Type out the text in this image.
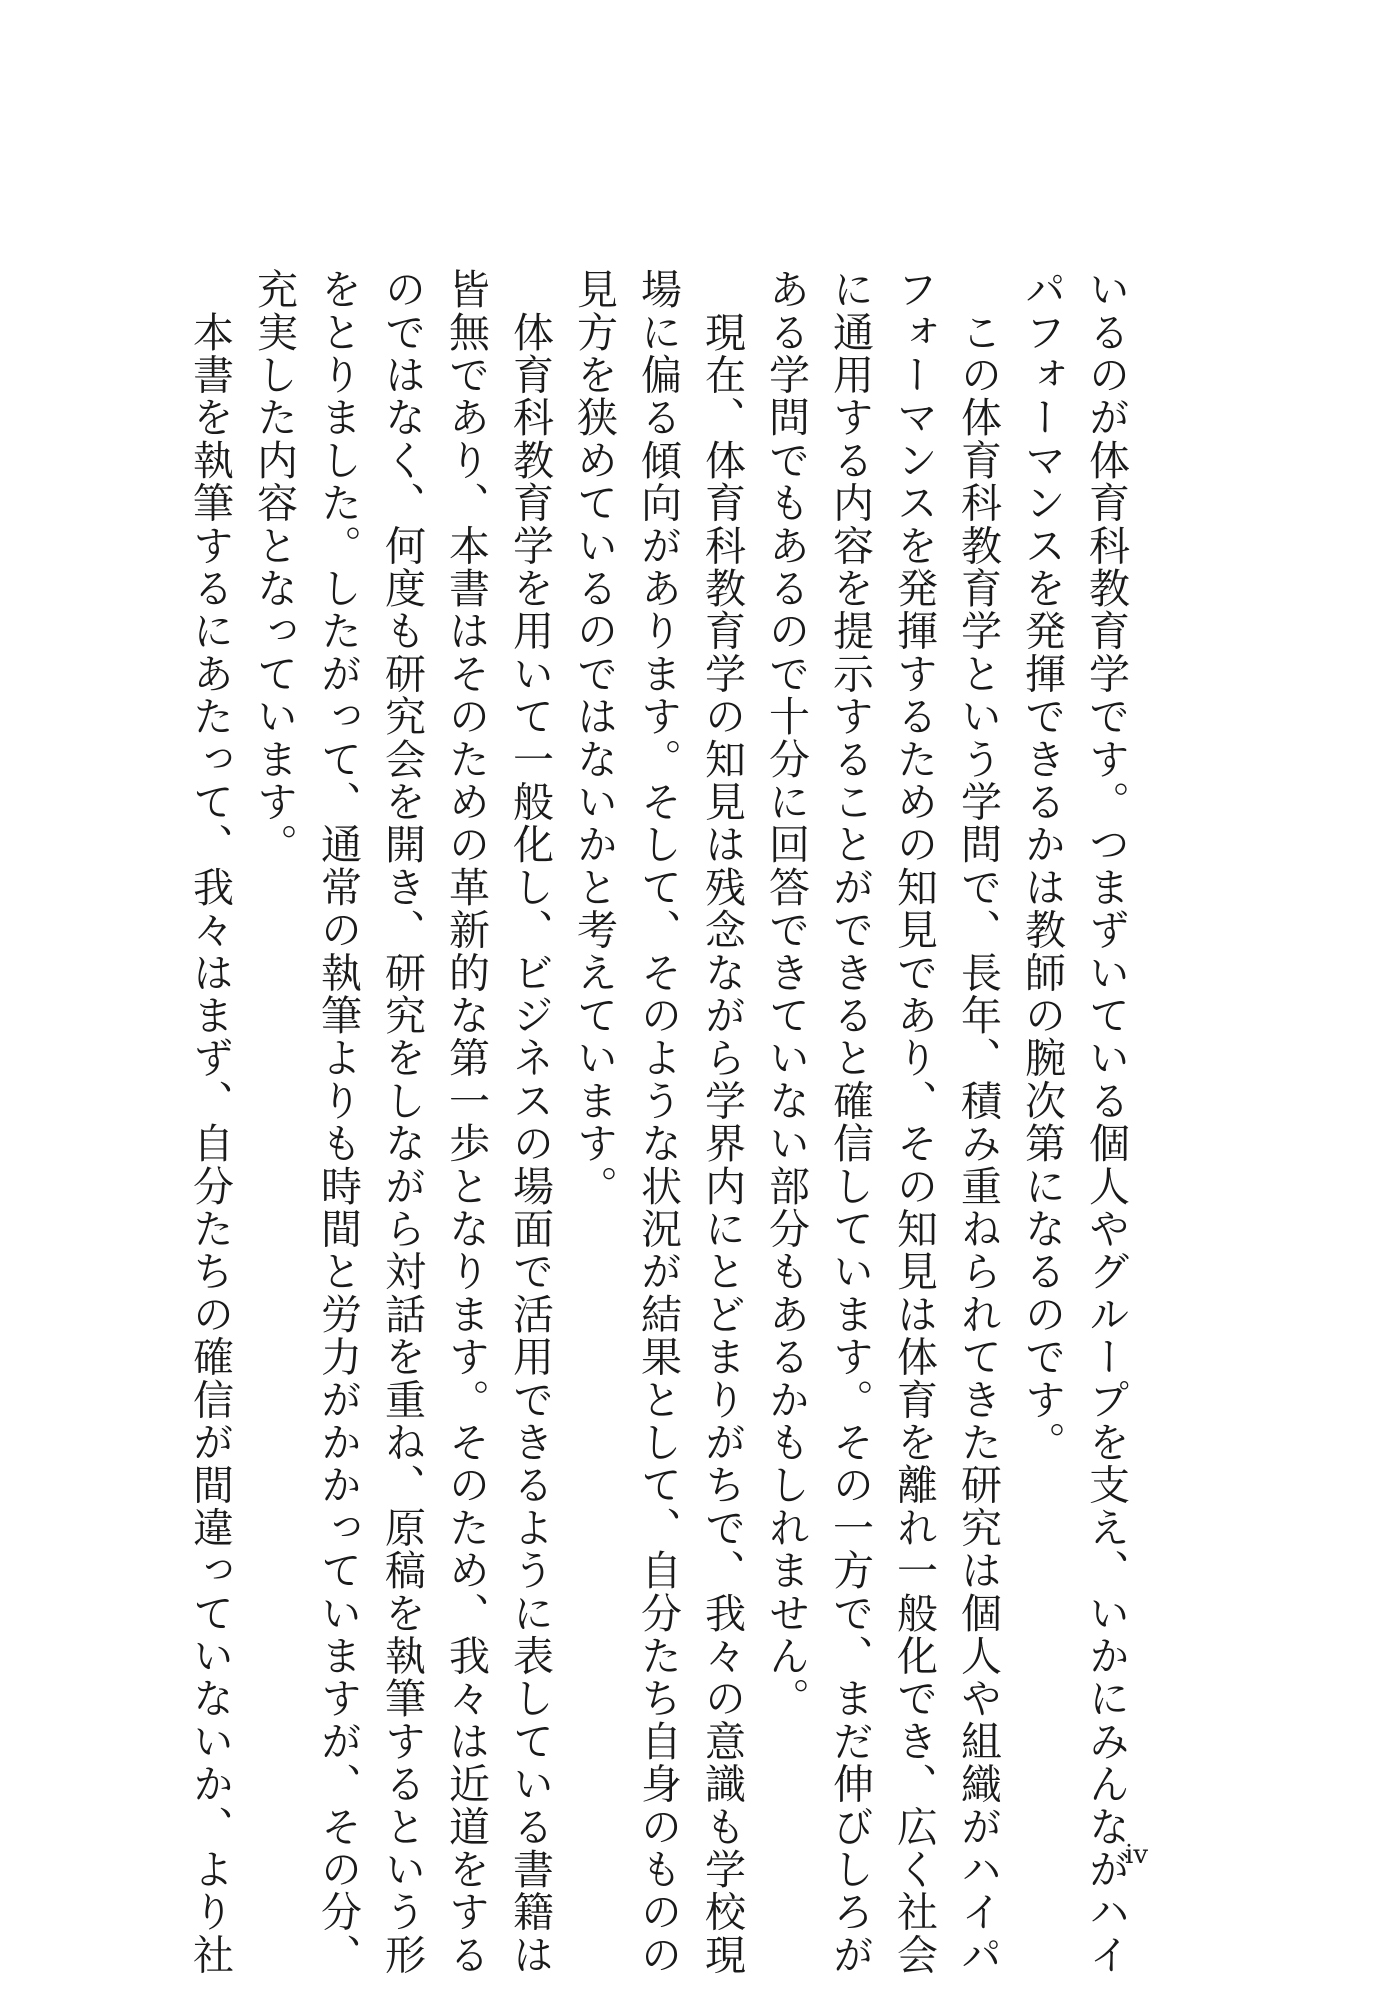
いるのが体育科教育学です。つまずいている個人やグループを支え、いかにみんながハイ
パフォーマンスを発揮できるかは教師の腕次第になるのです。
　この体育科教育学という学問で、長年、積み重ねられてきた研究は個人や組織がハイパ
フォーマンスを発揮するための知見であり、その知見は体育を離れ一般化でき、広く社会
に通用する内容を提示することができると確信しています。その一方で、まだ伸びしろが
ある学問でもあるので十分に回答できていない部分もあるかもしれません。
　現在、体育科教育学の知見は残念ながら学界内にとどまりがちで、我々の意識も学校現
場に偏る傾向があります。そして、そのような状況が結果として、自分たち自身のものの
見方を狭めているのではないかと考えています。
　体育科教育学を用いて一般化し、ビジネスの場面で活用できるように表している書籍は
皆無であり、本書はそのための革新的な第一歩となります。そのため、我々は近道をする
のではなく、何度も研究会を開き、研究をしながら対話を重ね、原稿を執筆するという形
をとりました。したがって、通常の執筆よりも時間と労力がかかっていますが、その分、
充実した内容となっています。
　本書を執筆するにあたって、我々はまず、自分たちの確信が間違っていないか、より社	iv
